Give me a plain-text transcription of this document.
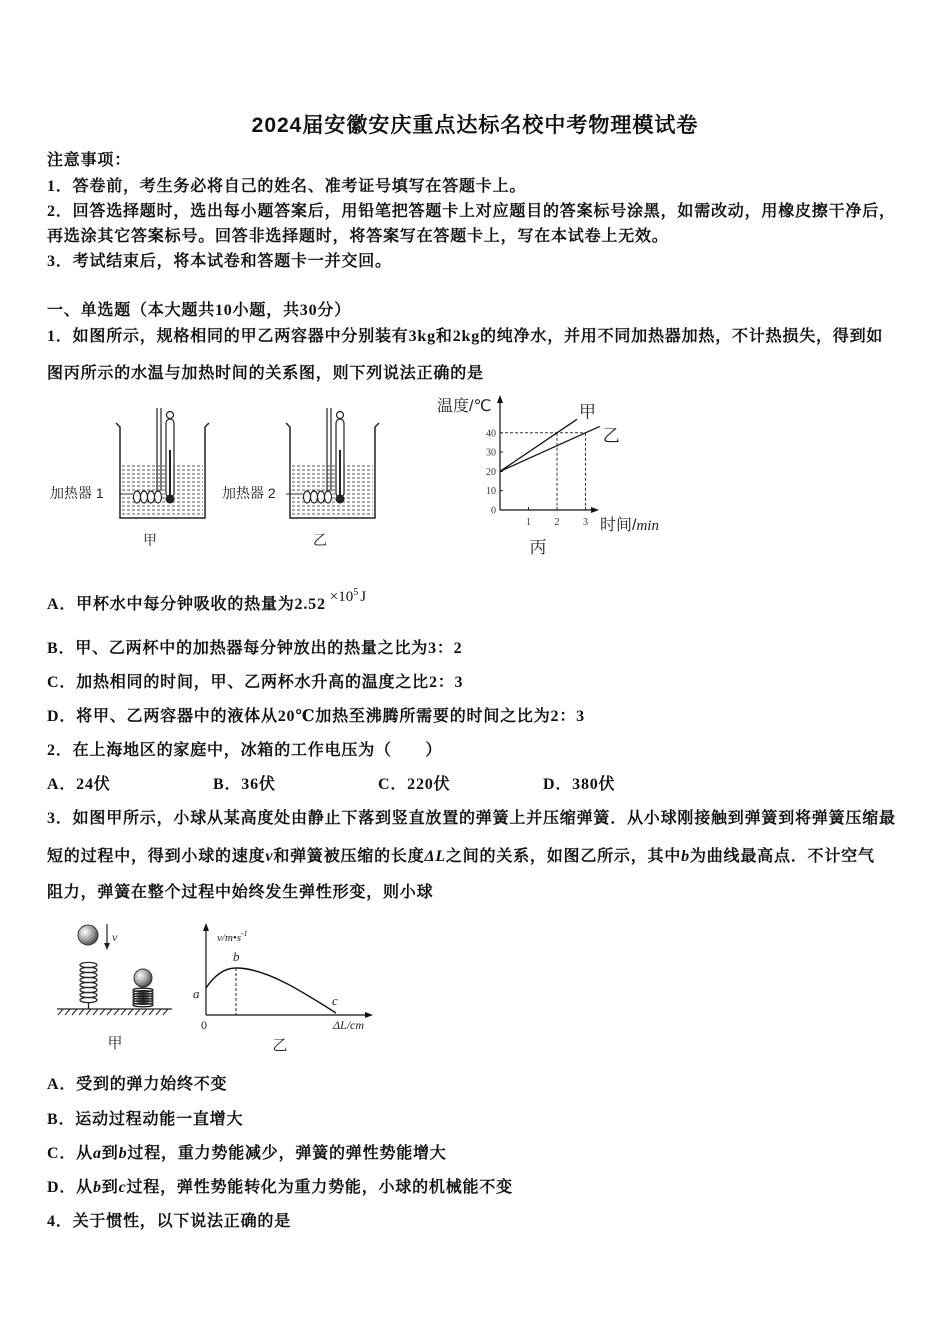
2024届安徽安庆重点达标名校中考物理模试卷
注意事项：
1．答卷前，考生务必将自己的姓名、准考证号填写在答题卡上。
2．回答选择题时，选出每小题答案后，用铅笔把答题卡上对应题目的答案标号涂黑，如需改动，用橡皮擦干净后，
再选涂其它答案标号。回答非选择题时，将答案写在答题卡上，写在本试卷上无效。
3．考试结束后，将本试卷和答题卡一并交回。
一、单选题（本大题共10小题，共30分）
1．如图所示，规格相同的甲乙两容器中分别装有3kg和2kg的纯净水，并用不同加热器加热，不计热损失，得到如
图丙所示的水温与加热时间的关系图，则下列说法正确的是
加热器 1
甲
加热器 2
乙
温度/℃
时间/min
丙
0
10
20
30
40
1 2 3
甲
乙
A．甲杯水中每分钟吸收的热量为$2.52 \times 10^5$ J
B．甲、乙两杯中的加热器每分钟放出的热量之比为3：2
C．加热相同的时间，甲、乙两杯水升高的温度之比2：3
D．将甲、乙两容器中的液体从20℃加热至沸腾所需要的时间之比为2：3
2．在上海地区的家庭中，冰箱的工作电压为（　　）
A．24伏	B．36伏	C．220伏	D．380伏
3．如图甲所示，小球从某高度处由静止下落到竖直放置的弹簧上并压缩弹簧．从小球刚接触到弹簧到将弹簧压缩最
短的过程中，得到小球的速度v和弹簧被压缩的长度ΔL之间的关系，如图乙所示，其中b为曲线最高点．不计空气
阻力，弹簧在整个过程中始终发生弹性形变，则小球
v
甲
$v/m•s^{-1}$
a
b
c
0	ΔL/cm
乙
A．受到的弹力始终不变
B．运动过程动能一直增大
C．从a到b过程，重力势能减少，弹簧的弹性势能增大
D．从b到c过程，弹性势能转化为重力势能，小球的机械能不变
4．关于惯性，以下说法正确的是
